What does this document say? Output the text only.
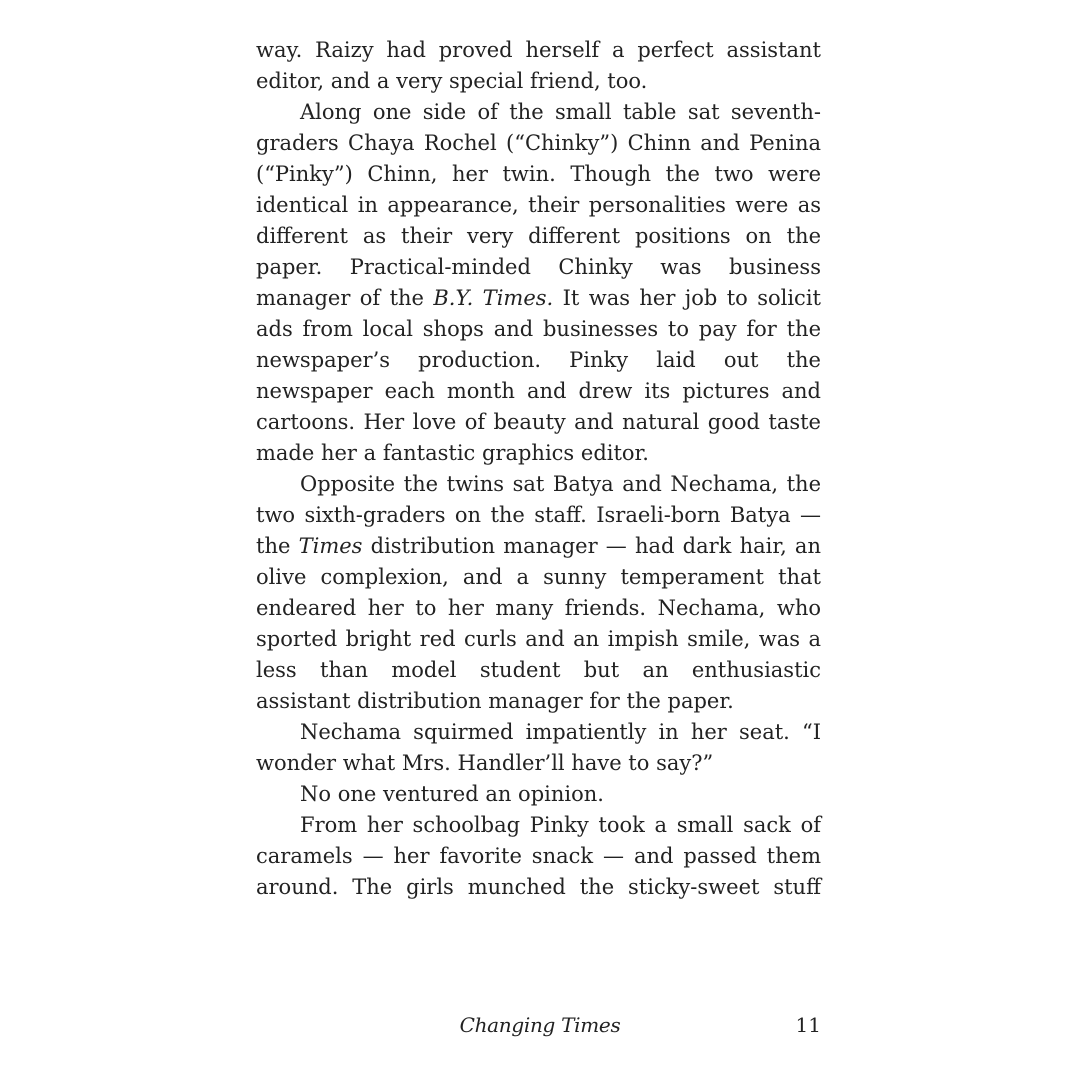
way. Raizy had proved herself a perfect assistant editor, and a very special friend, too.

Along one side of the small table sat seventhgraders Chaya Rochel (“Chinky”) Chinn and Penina (“Pinky”) Chinn, her twin. Though the two were identical in appearance, their personalities were as different as their very different positions on the paper. Practical-minded Chinky was business manager of the B.Y. Times. It was her job to solicit ads from local shops and businesses to pay for the newspaper’s production. Pinky laid out the newspaper each month and drew its pictures and cartoons. Her love of beauty and natural good taste made her a fantastic graphics editor.

Opposite the twins sat Batya and Nechama, the two sixth-graders on the staff. Israeli-born Batya — the Times distribution manager — had dark hair, an olive complexion, and a sunny temperament that endeared her to her many friends. Nechama, who sported bright red curls and an impish smile, was a less than model student but an enthusiastic assistant distribution manager for the paper.

Nechama squirmed impatiently in her seat. “I wonder what Mrs. Handler’ll have to say?”

No one ventured an opinion.

From her schoolbag Pinky took a small sack of caramels — her favorite snack — and passed them around. The girls munched the sticky-sweet stuff

Changing Times	11
